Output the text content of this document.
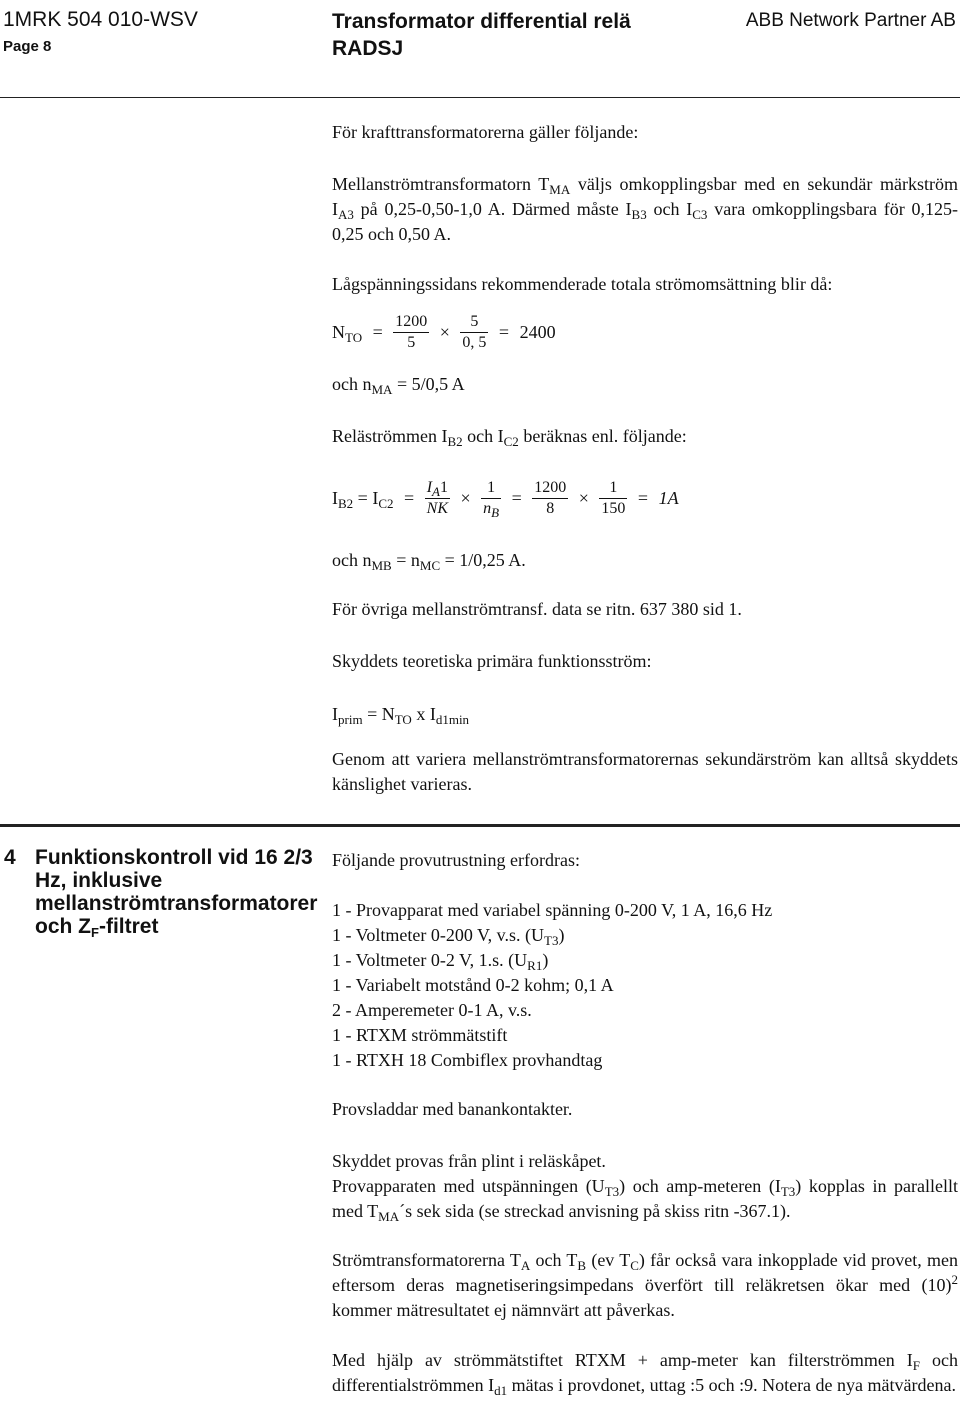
1MRK 504 010-WSV
Page 8
Transformator differential relä
RADSJ
ABB Network Partner AB

För krafttransformatorerna gäller följande:

Mellanströmtransformatorn $T_{MA}$ väljs omkopplingsbar med en sekundär märkström $I_{A3}$ på 0,25-0,50-1,0 A. Därmed måste $I_{B3}$ och $I_{C3}$ vara omkopplingsbara för 0,125-0,25 och 0,50 A.

Lågspänningssidans rekommenderade totala strömomsättning blir då:

$N_{TO} = \frac{1200}{5} \times \frac{5}{0, 5} = 2400$

och $n_{MA} = 5/0,5$ A

Reläströmmen $I_{B2}$ och $I_{C2}$ beräknas enl. följande:

$I_{B2} = I_{C2} = \frac{I_A1}{NK} \times \frac{1}{n_B} = \frac{1200}{8} \times \frac{1}{150} = 1A$

och $n_{MB} = n_{MC} = 1/0,25$ A.

För övriga mellanströmtransf. data se ritn. 637 380 sid 1.

Skyddets teoretiska primära funktionsström:

$I_{prim} = N_{TO}$ x $I_{d1min}$

Genom att variera mellanströmtransformatorernas sekundärström kan alltså skyddets känslighet varieras.

4 Funktionskontroll vid 16 2/3 Hz, inklusive mellanströmtransformatorer och $Z_F$-filtret

Följande provutrustning erfordras:

1 - Provapparat med variabel spänning 0-200 V, 1 A, 16,6 Hz
1 - Voltmeter 0-200 V, v.s. $(U_{T3})$
1 - Voltmeter 0-2 V, 1.s. $(U_{R1})$
1 - Variabelt motstånd 0-2 kohm; 0,1 A
2 - Amperemeter 0-1 A, v.s.
1 - RTXM strömmätstift
1 - RTXH 18 Combiflex provhandtag

Provsladdar med banankontakter.

Skyddet provas från plint i reläskåpet.

Provapparaten med utspänningen $(U_{T3})$ och amp-meteren $(I_{T3})$ kopplas in parallellt med $T_{MA}´s$ sek sida (se streckad anvisning på skiss ritn -367.1).

Strömtransformatorerna $T_A$ och $T_B$ (ev $T_C$) får också vara inkopplade vid provet, men eftersom deras magnetiseringsimpedans överfört till reläkretsen ökar med $(10)^2$ kommer mätresultatet ej nämnvärt att påverkas.

Med hjälp av strömmätstiftet RTXM + amp-meter kan filterströmmen $I_F$ och differentialströmmen $I_{d1}$ mätas i provdonet, uttag :5 och :9. Notera de nya mätvärdena.
